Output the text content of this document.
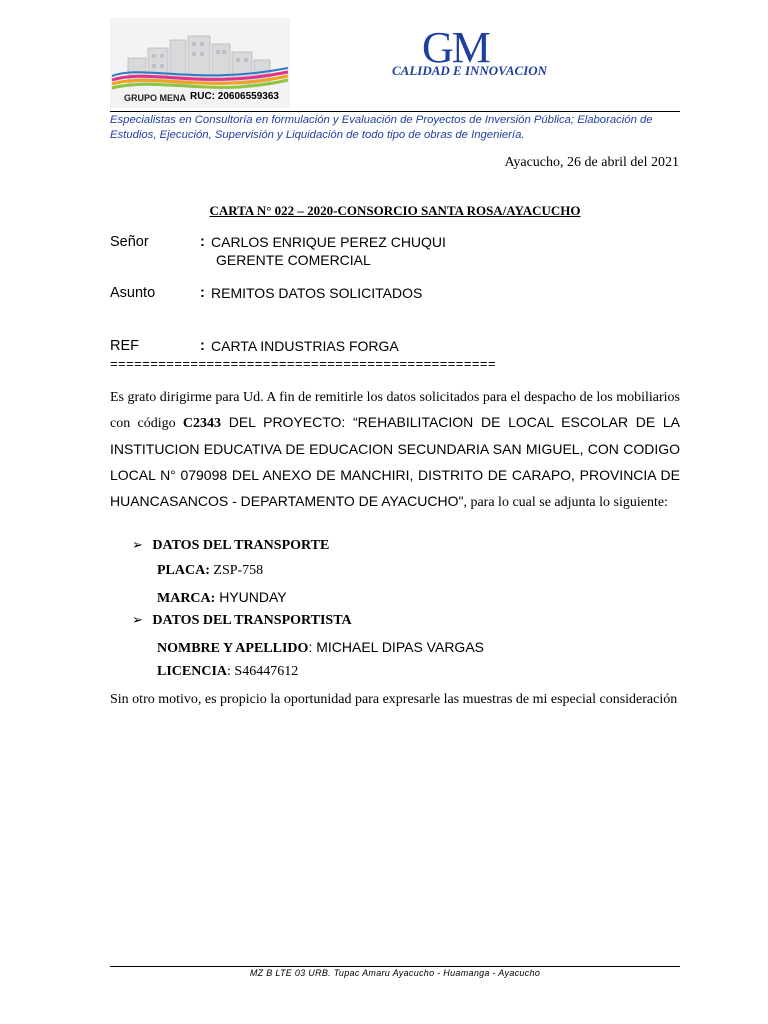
GRUPO MENA RUC: 20606559363
GM
CALIDAD E INNOVACION
Especialistas en Consultoría en formulación y Evaluación de Proyectos de Inversión Pública; Elaboración de Estudios, Ejecución, Supervisión y Liquidación de todo tipo de obras de Ingeniería.
Ayacucho, 26 de abril del 2021
CARTA N° 022 – 2020-CONSORCIO SANTA ROSA/AYACUCHO
Señor	: CARLOS ENRIQUE PEREZ CHUQUI
GERENTE COMERCIAL
Asunto	: REMITOS DATOS SOLICITADOS
REF	: CARTA INDUSTRIAS FORGA
================================================
Es grato dirigirme para Ud. A fin de remitirle los datos solicitados para el despacho de los mobiliarios con código C2343 DEL PROYECTO: “REHABILITACION DE LOCAL ESCOLAR DE LA INSTITUCION EDUCATIVA DE EDUCACION SECUNDARIA SAN MIGUEL, CON CODIGO LOCAL N° 079098 DEL ANEXO DE MANCHIRI, DISTRITO DE CARAPO, PROVINCIA DE HUANCASANCOS - DEPARTAMENTO DE AYACUCHO", para lo cual se adjunta lo siguiente:
➢ DATOS DEL TRANSPORTE
PLACA: ZSP-758
MARCA: HYUNDAY
➢ DATOS DEL TRANSPORTISTA
NOMBRE Y APELLIDO: MICHAEL DIPAS VARGAS
LICENCIA: S46447612
Sin otro motivo, es propicio la oportunidad para expresarle las muestras de mi especial consideración
MZ B LTE 03 URB. Tupac Amaru Ayacucho - Huamanga - Ayacucho
